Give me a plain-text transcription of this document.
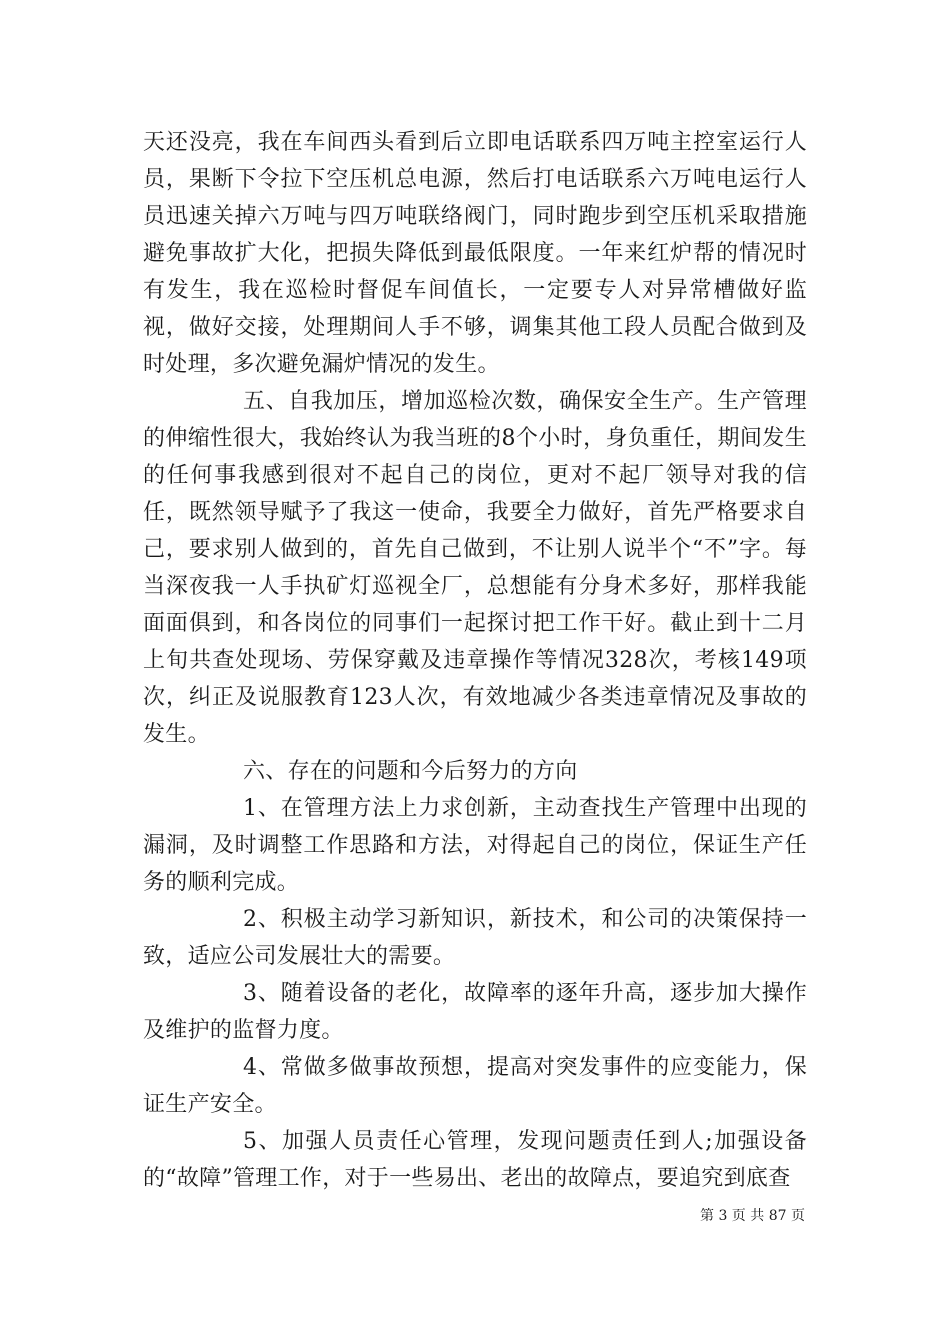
天还没亮，我在车间西头看到后立即电话联系四万吨主控室运行人员，果断下令拉下空压机总电源，然后打电话联系六万吨电运行人员迅速关掉六万吨与四万吨联络阀门，同时跑步到空压机采取措施避免事故扩大化，把损失降低到最低限度。一年来红炉帮的情况时有发生，我在巡检时督促车间值长，一定要专人对异常槽做好监视，做好交接，处理期间人手不够，调集其他工段人员配合做到及时处理，多次避免漏炉情况的发生。

五、自我加压，增加巡检次数，确保安全生产。生产管理的伸缩性很大，我始终认为我当班的8个小时，身负重任，期间发生的任何事我感到很对不起自己的岗位，更对不起厂领导对我的信任，既然领导赋予了我这一使命，我要全力做好，首先严格要求自己，要求别人做到的，首先自己做到，不让别人说半个“不”字。每当深夜我一人手执矿灯巡视全厂，总想能有分身术多好，那样我能面面俱到，和各岗位的同事们一起探讨把工作干好。截止到十二月上旬共查处现场、劳保穿戴及违章操作等情况328次，考核149项次，纠正及说服教育123人次，有效地减少各类违章情况及事故的发生。

六、存在的问题和今后努力的方向

1、在管理方法上力求创新，主动查找生产管理中出现的漏洞，及时调整工作思路和方法，对得起自己的岗位，保证生产任务的顺利完成。

2、积极主动学习新知识，新技术，和公司的决策保持一致，适应公司发展壮大的需要。

3、随着设备的老化，故障率的逐年升高，逐步加大操作及维护的监督力度。

4、常做多做事故预想，提高对突发事件的应变能力，保证生产安全。

5、加强人员责任心管理，发现问题责任到人;加强设备的“故障”管理工作，对于一些易出、老出的故障点，要追究到底查

第 3 页 共 87 页
